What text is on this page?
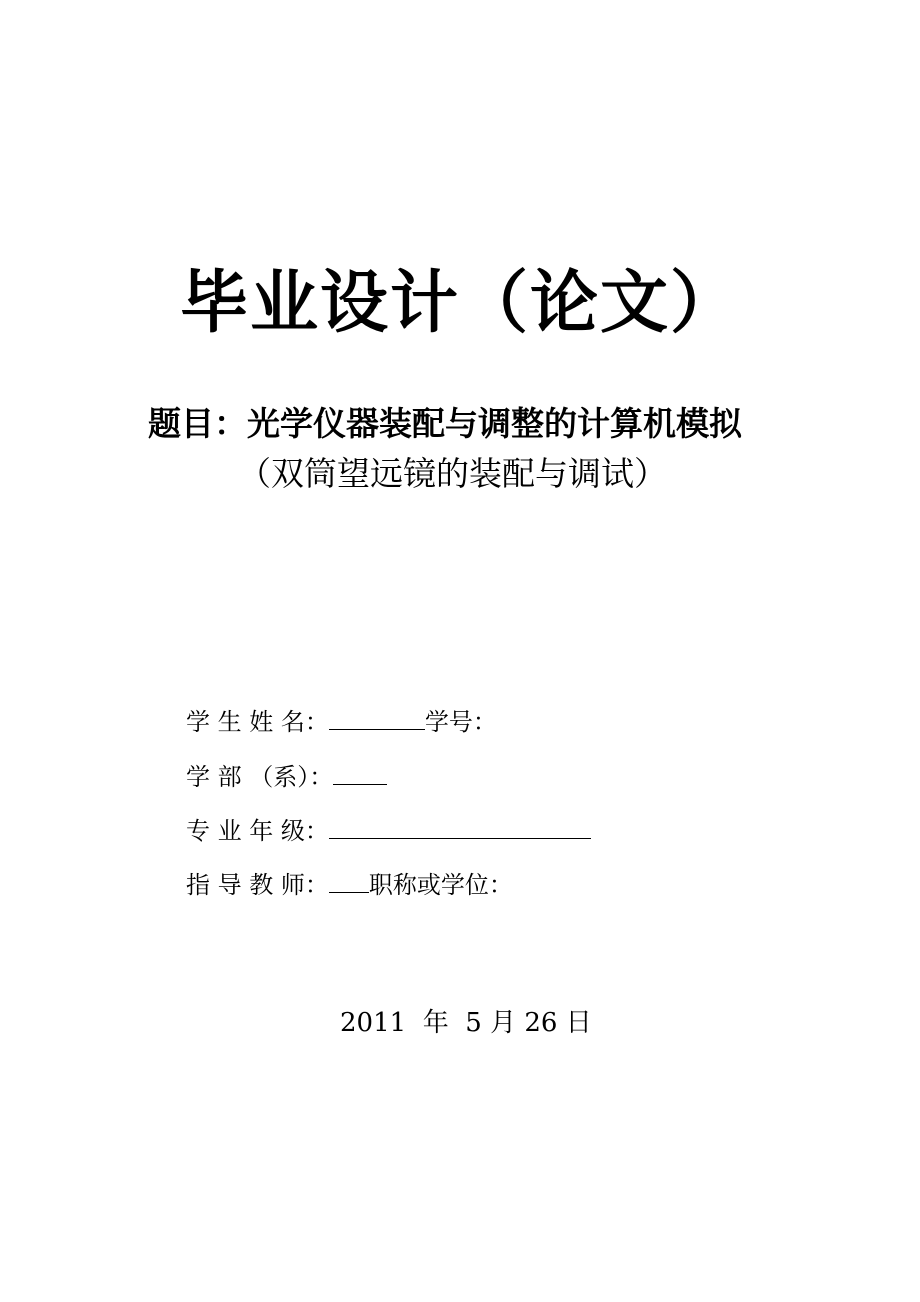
毕业设计（论文）
题目：光学仪器装配与调整的计算机模拟
（双筒望远镜的装配与调试）
学 生 姓 名：	学号：
学 部 （系）：
专 业 年 级：
指 导 教 师： 职称或学位：
2011 年 5 月 26 日
